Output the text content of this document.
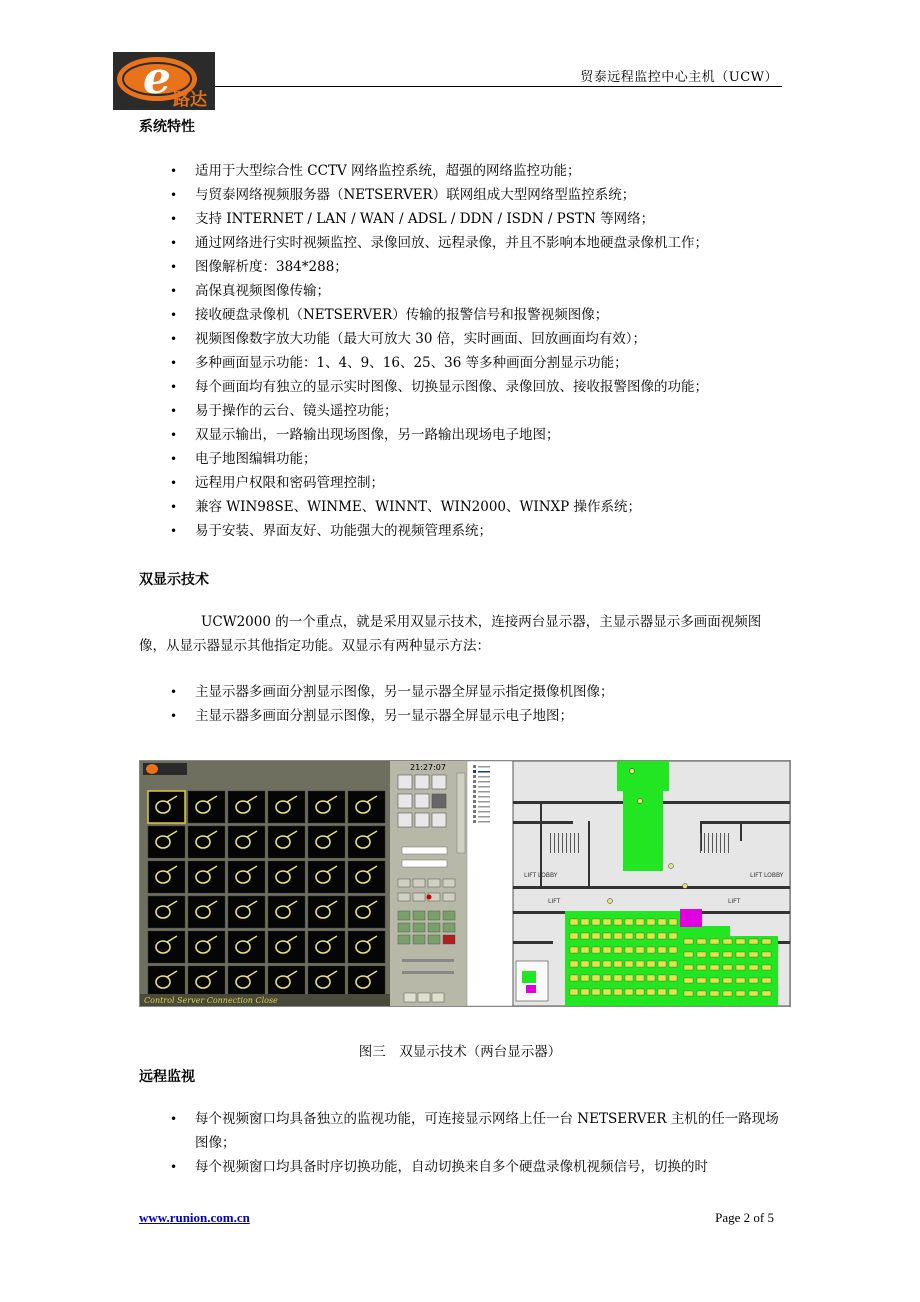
e 路达
贸泰远程监控中心主机（UCW）
系统特性
• 适用于大型综合性 CCTV 网络监控系统，超强的网络监控功能；
• 与贸泰网络视频服务器（NETSERVER）联网组成大型网络型监控系统；
• 支持 INTERNET / LAN / WAN / ADSL / DDN / ISDN / PSTN 等网络；
• 通过网络进行实时视频监控、录像回放、远程录像，并且不影响本地硬盘录像机工作；
• 图像解析度：384*288；
• 高保真视频图像传输；
• 接收硬盘录像机（NETSERVER）传输的报警信号和报警视频图像；
• 视频图像数字放大功能（最大可放大 30 倍，实时画面、回放画面均有效）；
• 多种画面显示功能：1、4、9、16、25、36 等多种画面分割显示功能；
• 每个画面均有独立的显示实时图像、切换显示图像、录像回放、接收报警图像的功能；
• 易于操作的云台、镜头遥控功能；
• 双显示输出，一路输出现场图像，另一路输出现场电子地图；
• 电子地图编辑功能；
• 远程用户权限和密码管理控制；
• 兼容 WIN98SE、WINME、WINNT、WIN2000、WINXP 操作系统；
• 易于安装、界面友好、功能强大的视频管理系统；
双显示技术
UCW2000 的一个重点，就是采用双显示技术，连接两台显示器，主显示器显示多画面视频图像，从显示器显示其他指定功能。双显示有两种显示方法：
• 主显示器多画面分割显示图像，另一显示器全屏显示指定摄像机图像；
• 主显示器多画面分割显示图像，另一显示器全屏显示电子地图；
Control Server Connection Close
21:27:07
LIFT LOBBY
LIFT	LIFT
LIFT LOBBY
图三　双显示技术（两台显示器）
远程监视
• 每个视频窗口均具备独立的监视功能，可连接显示网络上任一台 NETSERVER 主机的任一路现场图像；
• 每个视频窗口均具备时序切换功能，自动切换来自多个硬盘录像机视频信号，切换的时
www.runion.com.cn	Page 2 of 5
